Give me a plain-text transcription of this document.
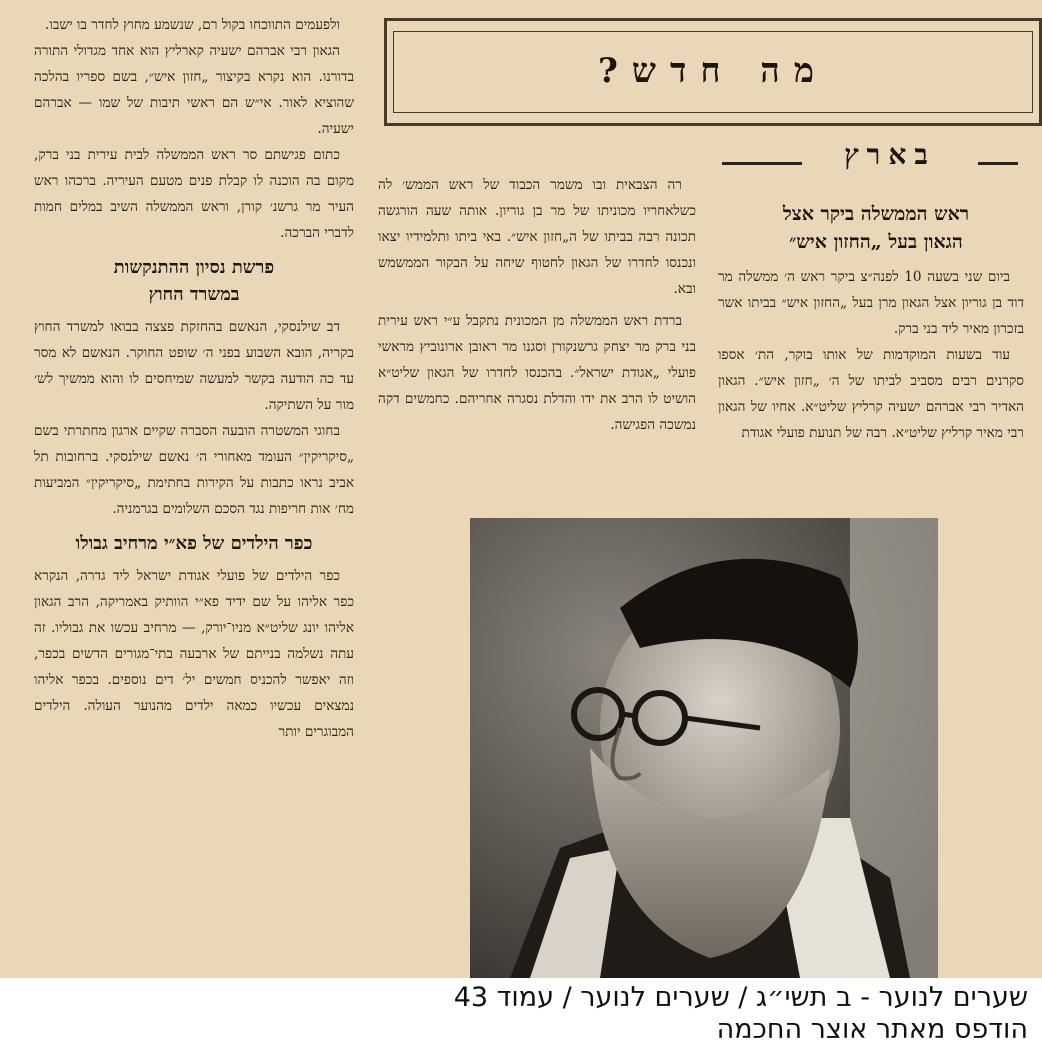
מה חדש?
בארץ
ראש הממשלה ביקר אצל
הגאון בעל „החזון איש״

ביום שני בשעה 10 לפנה״צ ביקר ראש ה׳ ממשלה מר דוד בן גוריון אצל הגאון מרן בעל „החזון איש״ בביתו אשר בזכרון מאיר ליד בני ברק.

עוד בשעות המוקדמות של אותו בוקר, הת׳ אספו סקרנים רבים מסביב לביתו של ה׳ „חזון איש״. הגאון האדיר רבי אברהם ישעיה קרליץ שליט״א. אחיו של הגאון רבי מאיר קרליץ שליט״א. רבה של תנועת פועלי אגודת

רה הצבאית ובו משמר הכבוד של ראש הממש׳ לה כשלאחריו מכוניתו של מר בן גוריון. אותה שעה הורגשה תכונה רבה בביתו של ה„חזון איש״. באי ביתו ותלמידיו יצאו ונכנסו לחדרו של הגאון לחטוף שיחה על הבקור הממשמש ובא.

ברדת ראש הממשלה מן המכונית נתקבל ע״י ראש עירית בני ברק מר יצחק גרשנקורן וסגנו מר ראובן ארונוביץ מראשי פועלי „אגודת ישראל״. בהכנסו לחדרו של הגאון שליט״א הושיט לו הרב את ידו והדלת נסגרה אחריהם. כחמשים דקה נמשכה הפגישה.

ולפעמים התווכחו בקול רם, שנשמע מחוץ לחדר בו ישבו.

הגאון רבי אברהם ישעיה קארליץ הוא אחד מגדולי התורה בדורנו. הוא נקרא בקיצור „חזון איש״, בשם ספריו בהלכה שהוציא לאור. אי״ש הם ראשי תיבות של שמו — אברהם ישעיה.

כתום פגישתם סר ראש הממשלה לבית עירית בני ברק, מקום בה הוכנה לו קבלת פנים מטעם העיריה. ברכהו ראש העיר מר גרשנ׳ קורן, וראש הממשלה השיב במלים חמות לדברי הברכה.

פרשת נסיון ההתנקשות
במשרד החוץ

דב שילנסקי, הנאשם בהחזקת פצצה בבואו למשרד החוץ בקריה, הובא השבוע בפני ה׳ שופט החוקר. הנאשם לא מסר עד כה הודעה בקשר למעשה שמיחסים לו והוא ממשיך לש׳ מור על השתיקה.

בחוגי המשטרה הובעה הסברה שקיים ארגון מחתרתי בשם „סיקריקין״ העומד מאחורי ה׳ נאשם שילנסקי. ברחובות תל אביב נראו כתבות על הקירות בחתימת „סיקריקין״ המביעות מח׳ אות חריפות נגד הסכם השלומים בגרמניה.

כפר הילדים של פא״י מרחיב גבולו

כפר הילדים של פועלי אגודת ישראל ליד גדרה, הנקרא כפר אליהו על שם ידיד פא״י הוותיק באמריקה, הרב הגאון אליהו יונג שליט״א מניו־יורק, — מרחיב עכשו את גבוליו. זה עתה נשלמה בנייתם של ארבעה בתי־מגורים הדשים בכפר, וזה יאפשר להכניס חמשים יל׳ דים נוספים. בכפר אליהו נמצאים עכשיו כמאה ילדים מהנוער העולה. הילדים המבוגרים יותר

שערים לנוער - ב תשי״ג / שערים לנוער / עמוד 43
הודפס מאתר אוצר החכמה
